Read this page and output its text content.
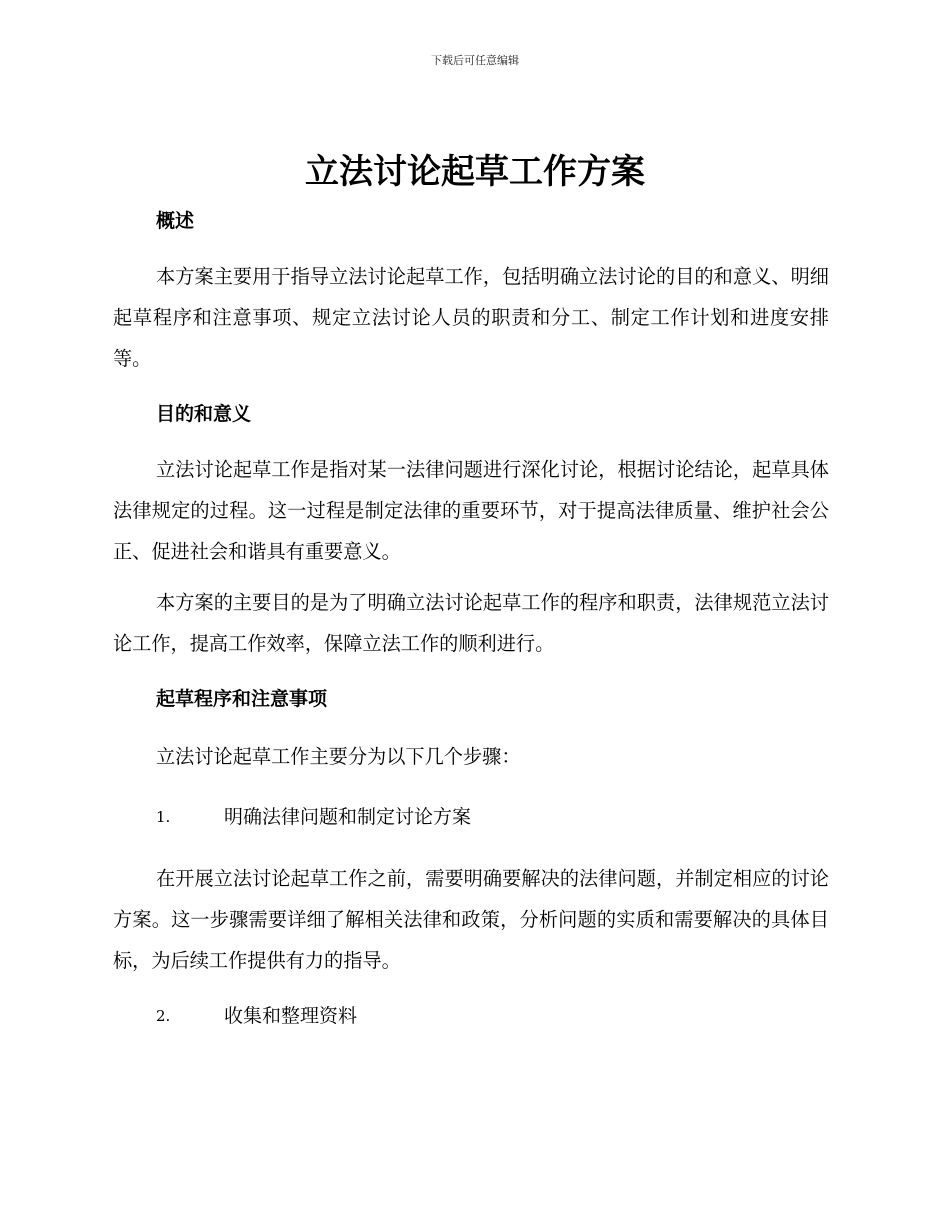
下载后可任意编辑
立法讨论起草工作方案
概述

本方案主要用于指导立法讨论起草工作，包括明确立法讨论的目的和意义、明细起草程序和注意事项、规定立法讨论人员的职责和分工、制定工作计划和进度安排等。

目的和意义

立法讨论起草工作是指对某一法律问题进行深化讨论，根据讨论结论，起草具体法律规定的过程。这一过程是制定法律的重要环节，对于提高法律质量、维护社会公正、促进社会和谐具有重要意义。

本方案的主要目的是为了明确立法讨论起草工作的程序和职责，法律规范立法讨论工作，提高工作效率，保障立法工作的顺利进行。

起草程序和注意事项

立法讨论起草工作主要分为以下几个步骤：

1.	明确法律问题和制定讨论方案

在开展立法讨论起草工作之前，需要明确要解决的法律问题，并制定相应的讨论方案。这一步骤需要详细了解相关法律和政策，分析问题的实质和需要解决的具体目标，为后续工作提供有力的指导。

2.	收集和整理资料
